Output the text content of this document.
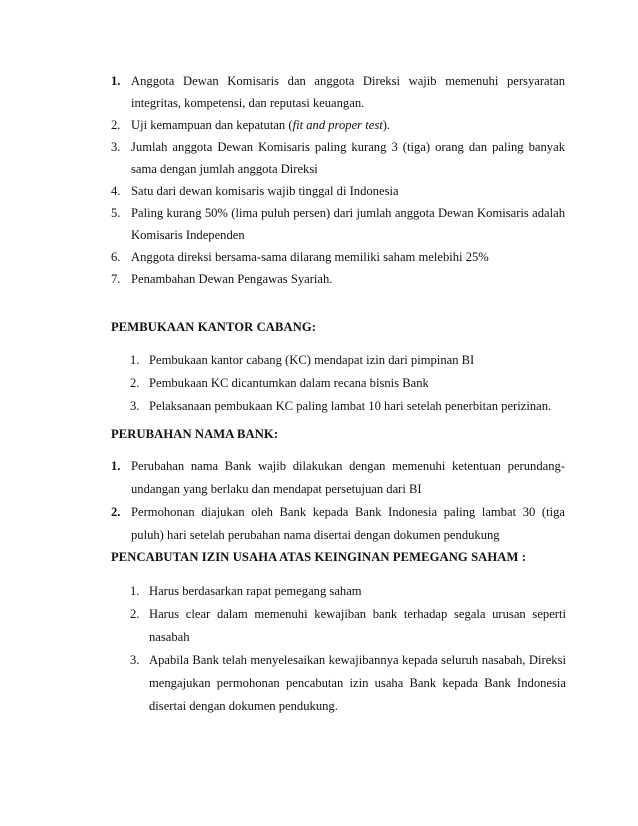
1. Anggota Dewan Komisaris dan anggota Direksi wajib memenuhi persyaratan integritas, kompetensi, dan reputasi keuangan.
2. Uji kemampuan dan kepatutan (fit and proper test).
3. Jumlah anggota Dewan Komisaris paling kurang 3 (tiga) orang dan paling banyak sama dengan jumlah anggota Direksi
4. Satu dari dewan komisaris wajib tinggal di Indonesia
5. Paling kurang 50% (lima puluh persen) dari jumlah anggota Dewan Komisaris adalah Komisaris Independen
6. Anggota direksi bersama-sama dilarang memiliki saham melebihi 25%
7. Penambahan Dewan Pengawas Syariah.
PEMBUKAAN KANTOR CABANG:
1. Pembukaan kantor cabang (KC) mendapat izin dari pimpinan BI
2. Pembukaan KC dicantumkan dalam recana bisnis Bank
3. Pelaksanaan pembukaan KC paling lambat 10 hari setelah penerbitan perizinan.
PERUBAHAN NAMA BANK:
1. Perubahan nama Bank wajib dilakukan dengan memenuhi ketentuan perundang-undangan yang berlaku dan mendapat persetujuan dari BI
2. Permohonan diajukan oleh Bank kepada Bank Indonesia paling lambat 30 (tiga puluh) hari setelah perubahan nama disertai dengan dokumen pendukung
PENCABUTAN IZIN USAHA ATAS KEINGINAN PEMEGANG SAHAM :
1. Harus berdasarkan rapat pemegang saham
2. Harus clear dalam memenuhi kewajiban bank terhadap segala urusan seperti nasabah
3. Apabila Bank telah menyelesaikan kewajibannya kepada seluruh nasabah, Direksi mengajukan permohonan pencabutan izin usaha Bank kepada Bank Indonesia disertai dengan dokumen pendukung.
